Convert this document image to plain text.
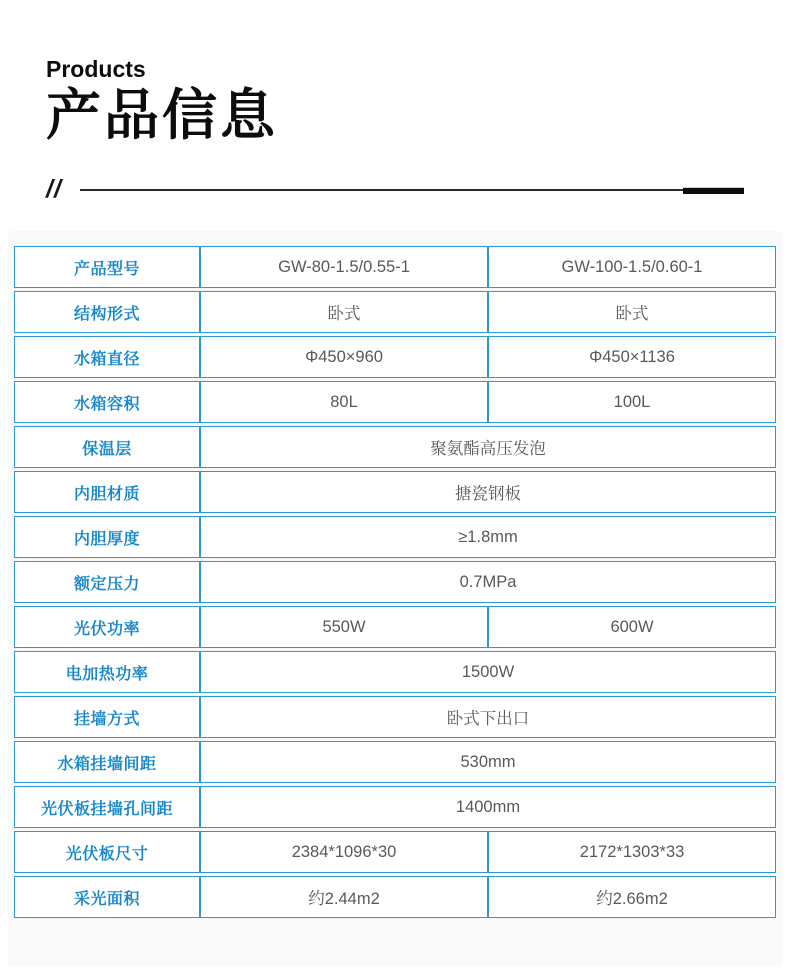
Products
产品信息
//
产品型号	GW-80-1.5/0.55-1	GW-100-1.5/0.60-1
结构形式	卧式	卧式
水箱直径	Φ450×960	Φ450×1136
水箱容积	80L	100L
保温层	聚氨酯高压发泡	
内胆材质	搪瓷钢板	
内胆厚度	≥1.8mm	
额定压力	0.7MPa	
光伏功率	550W	600W
电加热功率	1500W	
挂墙方式	卧式下出口	
水箱挂墙间距	530mm	
光伏板挂墙孔间距	1400mm	
光伏板尺寸	2384*1096*30	2172*1303*33
采光面积	约2.44m2	约2.66m2
